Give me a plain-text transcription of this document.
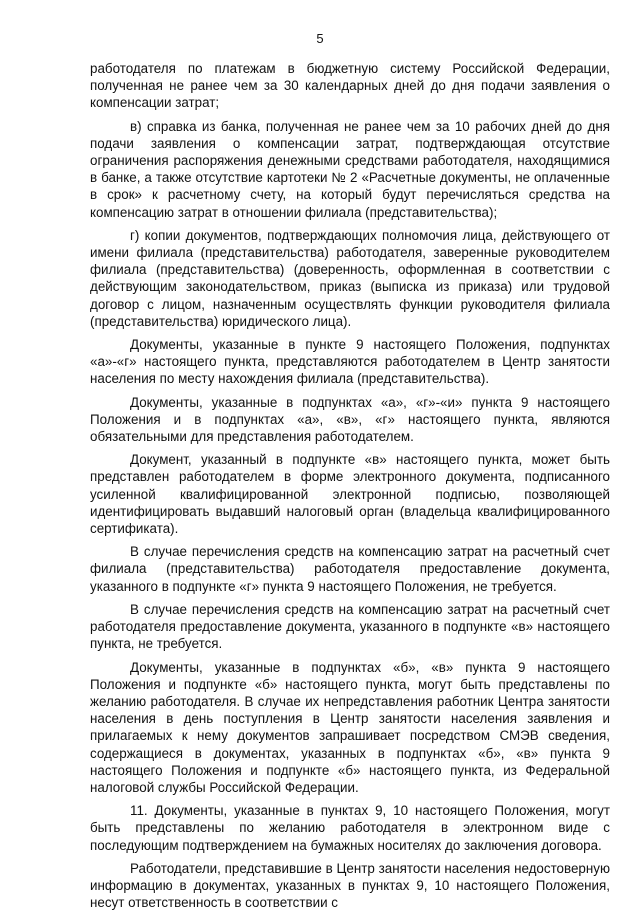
5

работодателя по платежам в бюджетную систему Российской Федерации, полученная не ранее чем за 30 календарных дней до дня подачи заявления о компенсации затрат;

в) справка из банка, полученная не ранее чем за 10 рабочих дней до дня подачи заявления о компенсации затрат, подтверждающая отсутствие ограничения распоряжения денежными средствами работодателя, находящимися в банке, а также отсутствие картотеки № 2 «Расчетные документы, не оплаченные в срок» к расчетному счету, на который будут перечисляться средства на компенсацию затрат в отношении филиала (представительства);

г) копии документов, подтверждающих полномочия лица, действующего от имени филиала (представительства) работодателя, заверенные руководителем филиала (представительства) (доверенность, оформленная в соответствии с действующим законодательством, приказ (выписка из приказа) или трудовой договор с лицом, назначенным осуществлять функции руководителя филиала (представительства) юридического лица).

Документы, указанные в пункте 9 настоящего Положения, подпунктах «а»-«г» настоящего пункта, представляются работодателем в Центр занятости населения по месту нахождения филиала (представительства).

Документы, указанные в подпунктах «а», «г»-«и» пункта 9 настоящего Положения и в подпунктах «а», «в», «г» настоящего пункта, являются обязательными для представления работодателем.

Документ, указанный в подпункте «в» настоящего пункта, может быть представлен работодателем в форме электронного документа, подписанного усиленной квалифицированной электронной подписью, позволяющей идентифицировать выдавший налоговый орган (владельца квалифицированного сертификата).

В случае перечисления средств на компенсацию затрат на расчетный счет филиала (представительства) работодателя предоставление документа, указанного в подпункте «г» пункта 9 настоящего Положения, не требуется.

В случае перечисления средств на компенсацию затрат на расчетный счет работодателя предоставление документа, указанного в подпункте «в» настоящего пункта, не требуется.

Документы, указанные в подпунктах «б», «в» пункта 9 настоящего Положения и подпункте «б» настоящего пункта, могут быть представлены по желанию работодателя. В случае их непредставления работник Центра занятости населения в день поступления в Центр занятости населения заявления и прилагаемых к нему документов запрашивает посредством СМЭВ сведения, содержащиеся в документах, указанных в подпунктах «б», «в» пункта 9 настоящего Положения и подпункте «б» настоящего пункта, из Федеральной налоговой службы Российской Федерации.

11. Документы, указанные в пунктах 9, 10 настоящего Положения, могут быть представлены по желанию работодателя в электронном виде с последующим подтверждением на бумажных носителях до заключения договора.

Работодатели, представившие в Центр занятости населения недостоверную информацию в документах, указанных в пунктах 9, 10 настоящего Положения, несут ответственность в соответствии с
